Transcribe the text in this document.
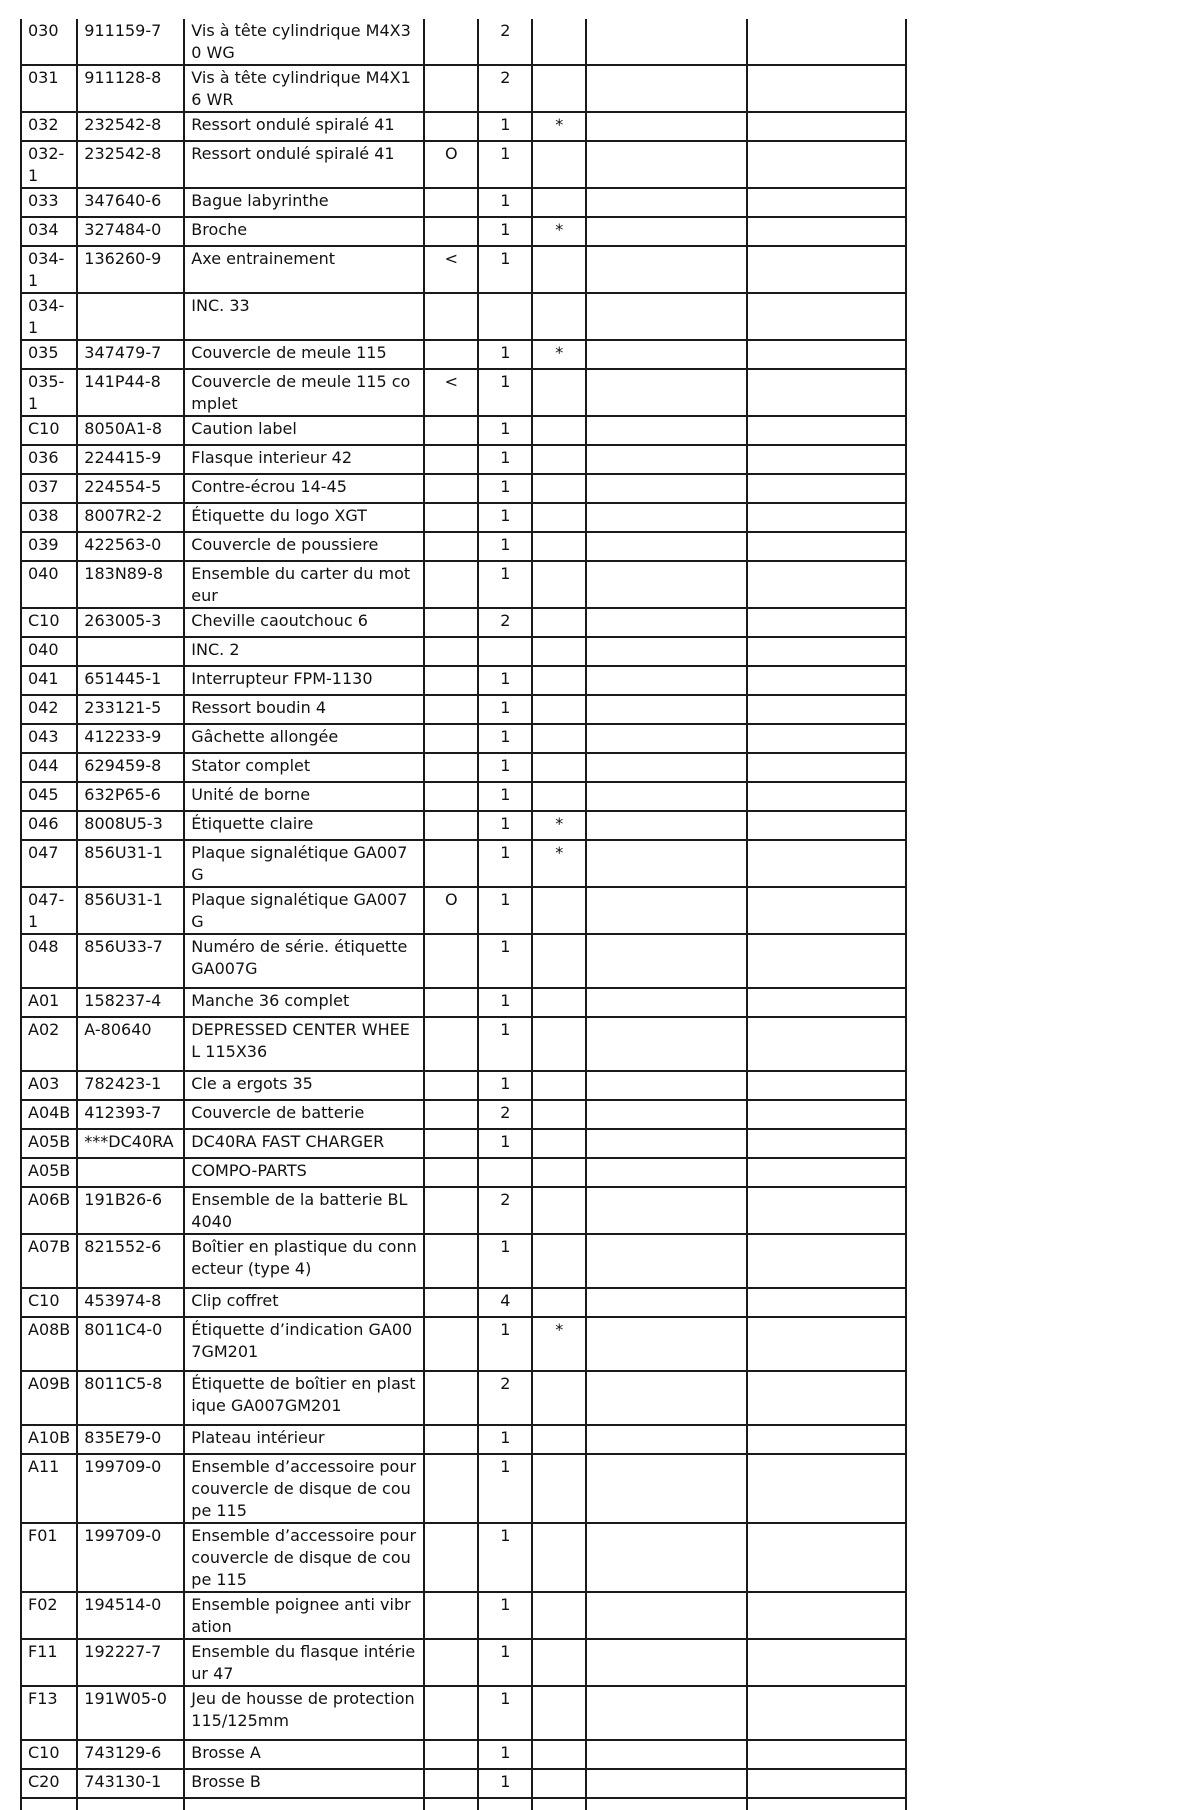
030	911159-7	Vis à tête cylindrique M4X30 WG		2			
031	911128-8	Vis à tête cylindrique M4X16 WR		2			
032	232542-8	Ressort ondulé spiralé 41		1	*		
032-1	232542-8	Ressort ondulé spiralé 41	O	1			
033	347640-6	Bague labyrinthe		1			
034	327484-0	Broche		1	*		
034-1	136260-9	Axe entrainement	<	1			
034-1		INC. 33					

035	347479-7	Couvercle de meule 115		1	*		
035-1	141P44-8	Couvercle de meule 115 complet	<	1			
C10	8050A1-8	Caution label		1			
036	224415-9	Flasque interieur 42		1			
037	224554-5	Contre-écrou 14-45		1			
038	8007R2-2	Étiquette du logo XGT		1			
039	422563-0	Couvercle de poussiere		1			
040	183N89-8	Ensemble du carter du moteur		1			
C10	263005-3	Cheville caoutchouc 6		2			
040		INC. 2					

041	651445-1	Interrupteur FPM-1130		1			
042	233121-5	Ressort boudin 4		1			
043	412233-9	Gâchette allongée		1			
044	629459-8	Stator complet		1			
045	632P65-6	Unité de borne		1			
046	8008U5-3	Étiquette claire		1	*		
047	856U31-1	Plaque signalétique GA007G		1	*		
047-1	856U31-1	Plaque signalétique GA007G	O	1			
048	856U33-7	Numéro de série. étiquette GA007G		1			
A01	158237-4	Manche 36 complet		1			
A02	A-80640	DEPRESSED CENTER WHEEL 115X36		1			
A03	782423-1	Cle a ergots 35		1			
A04B	412393-7	Couvercle de batterie		2			
A05B	***DC40RA	DC40RA FAST CHARGER		1			
A05B		COMPO-PARTS					

A06B	191B26-6	Ensemble de la batterie BL4040		2			
A07B	821552-6	Boîtier en plastique du connecteur (type 4)		1			
C10	453974-8	Clip coffret		4			
A08B	8011C4-0	Étiquette d’indication GA007GM201		1	*		
A09B	8011C5-8	Étiquette de boîtier en plastique GA007GM201		2			
A10B	835E79-0	Plateau intérieur		1			
A11	199709-0	Ensemble d’accessoire pour couvercle de disque de coupe 115		1			
F01	199709-0	Ensemble d’accessoire pour couvercle de disque de coupe 115		1			
F02	194514-0	Ensemble poignee anti vibration		1			
F11	192227-7	Ensemble du flasque intérieur 47		1			
F13	191W05-0	Jeu de housse de protection 115/125mm		1			
C10	743129-6	Brosse A		1			
C20	743130-1	Brosse B		1			
